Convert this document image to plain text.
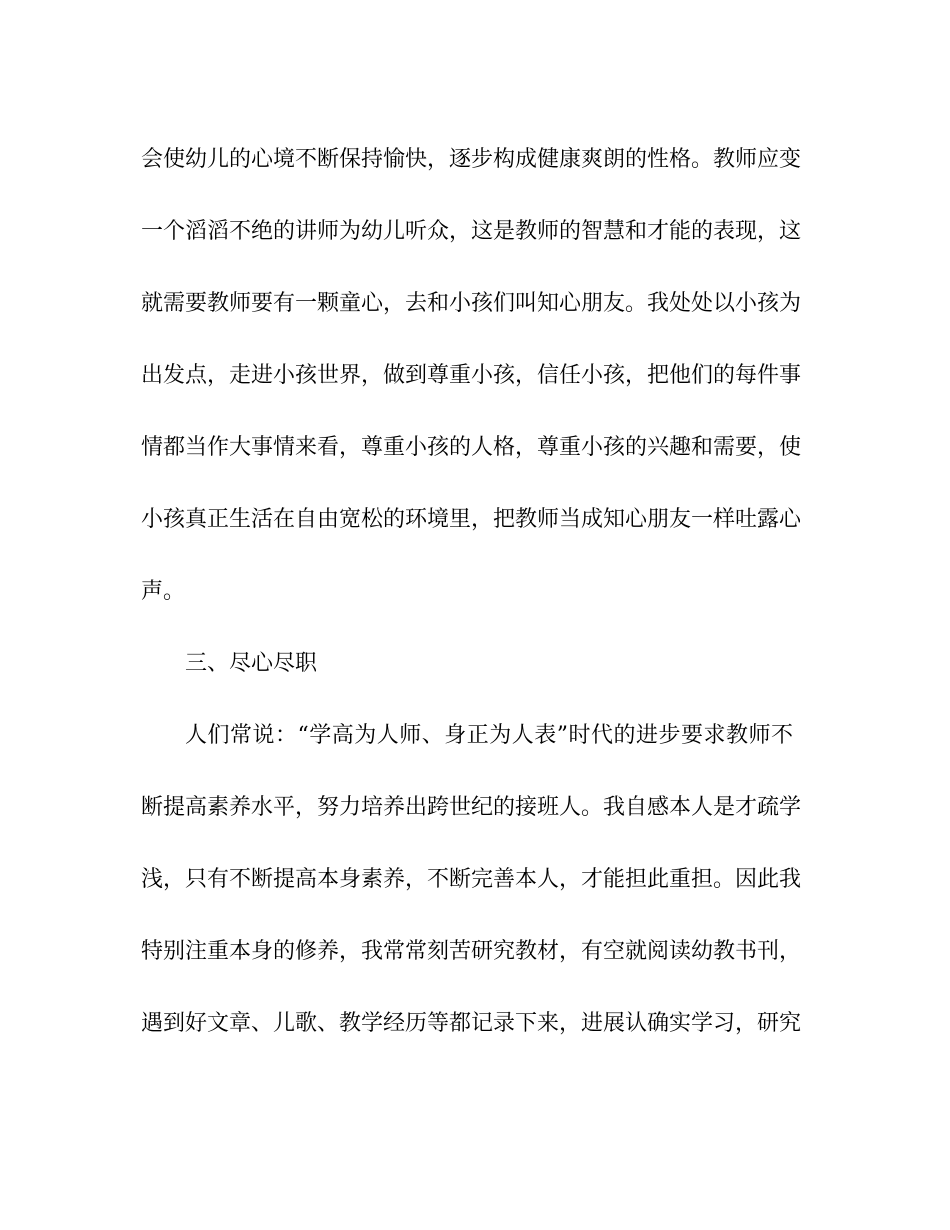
会使幼儿的心境不断保持愉快，逐步构成健康爽朗的性格。教师应变
一个滔滔不绝的讲师为幼儿听众，这是教师的智慧和才能的表现，这
就需要教师要有一颗童心，去和小孩们叫知心朋友。我处处以小孩为
出发点，走进小孩世界，做到尊重小孩，信任小孩，把他们的每件事
情都当作大事情来看，尊重小孩的人格，尊重小孩的兴趣和需要，使
小孩真正生活在自由宽松的环境里，把教师当成知心朋友一样吐露心
声。
三、尽心尽职
人们常说：“学高为人师、身正为人表”时代的进步要求教师不
断提高素养水平，努力培养出跨世纪的接班人。我自感本人是才疏学
浅，只有不断提高本身素养，不断完善本人，才能担此重担。因此我
特别注重本身的修养，我常常刻苦研究教材，有空就阅读幼教书刊，
遇到好文章、儿歌、教学经历等都记录下来，进展认确实学习，研究
